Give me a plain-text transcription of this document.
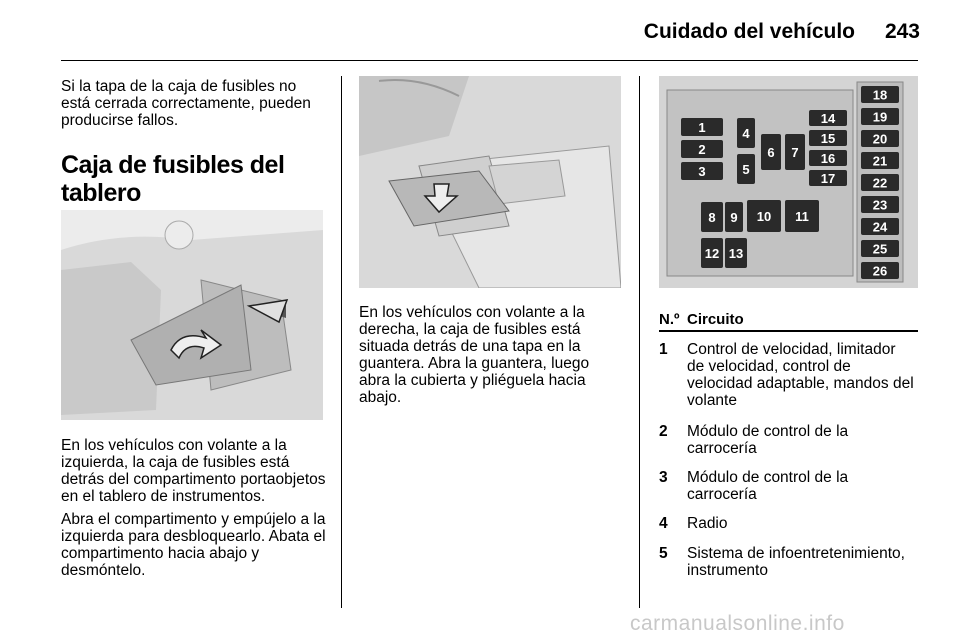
Cuidado del vehículo	243
Si la tapa de la caja de fusibles no está cerrada correctamente, pueden producirse fallos.
Caja de fusibles del tablero

En los vehículos con volante a la izquierda, la caja de fusibles está detrás del compartimento portaobjetos en el tablero de instrumentos.

Abra el compartimento y empújelo a la izquierda para desbloquearlo. Abata el compartimento hacia abajo y desmóntelo.

En los vehículos con volante a la derecha, la caja de fusibles está situada detrás de una tapa en la guantera. Abra la guantera, luego abra la cubierta y pliéguela hacia abajo.
1
2
3
4
5
6 7
8 9 10 11
12 13
14
15
16
17
18
19
20
21
22
23
24
25
26
N.º Circuito
1 Control de velocidad, limitador de velocidad, control de velocidad adaptable, mandos del volante
2 Módulo de control de la carrocería
3 Módulo de control de la carrocería
4 Radio
5 Sistema de infoentretenimiento, instrumento
carmanualsonline.info
